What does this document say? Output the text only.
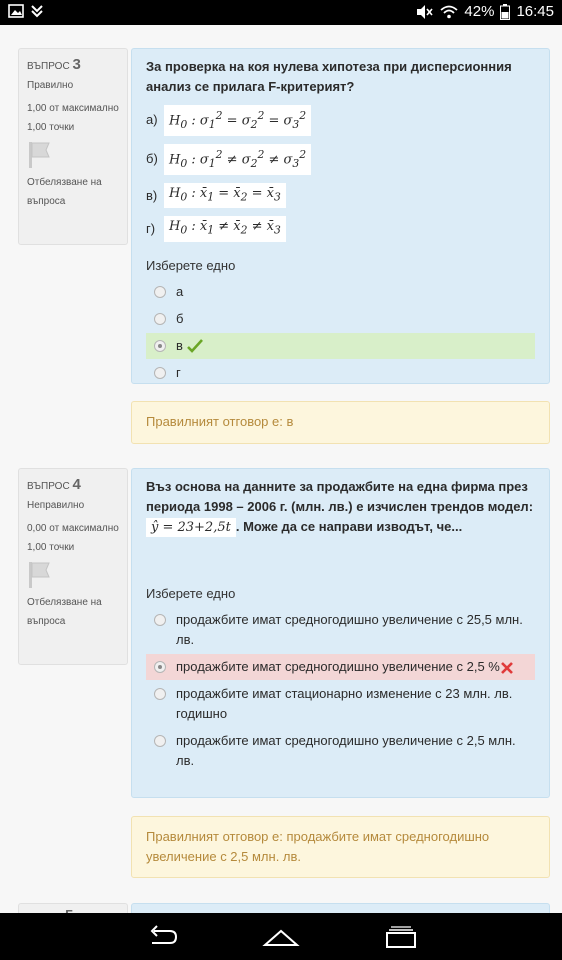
42% 16:45
ВЪПРОС 3
Правилно
1,00 от максимално 1,00 точки
Отбелязване на въпроса
За проверка на коя нулева хипотеза при дисперсионния анализ се прилага F-критерият?
а) $H_0$ : $\sigma_1^2 = \sigma_2^2 = \sigma_3^2$
б) $H_0$ : $\sigma_1^2 \ne \sigma_2^2 \ne \sigma_3^2$
в) $H_0$ : $x̄_1$ = $x̄_2$ = $x̄_3$
г)	$H_0$ : $x̄_1$ ≠ $x̄_2$ ≠ $x̄_3$
Изберете едно
а
б
в
г
Правилният отговор е: в
ВЪПРОС 4
Неправилно
0,00 от максимално 1,00 точки
Отбелязване на въпроса
Въз основа на данните за продажбите на една фирма през периода 1998 – 2006 г. (млн. лв.) е изчислен трендов модел: ŷ = 23+2,5t . Може да се направи изводът, че...
Изберете едно
продажбите имат средногодишно увеличение с 25,5 млн. лв.
продажбите имат средногодишно увеличение с 2,5 %
продажбите имат стационарно изменение с 23 млн. лв. годишно
продажбите имат средногодишно увеличение с 2,5 млн. лв.
Правилният отговор е: продажбите имат средногодишно увеличение с 2,5 млн. лв.
